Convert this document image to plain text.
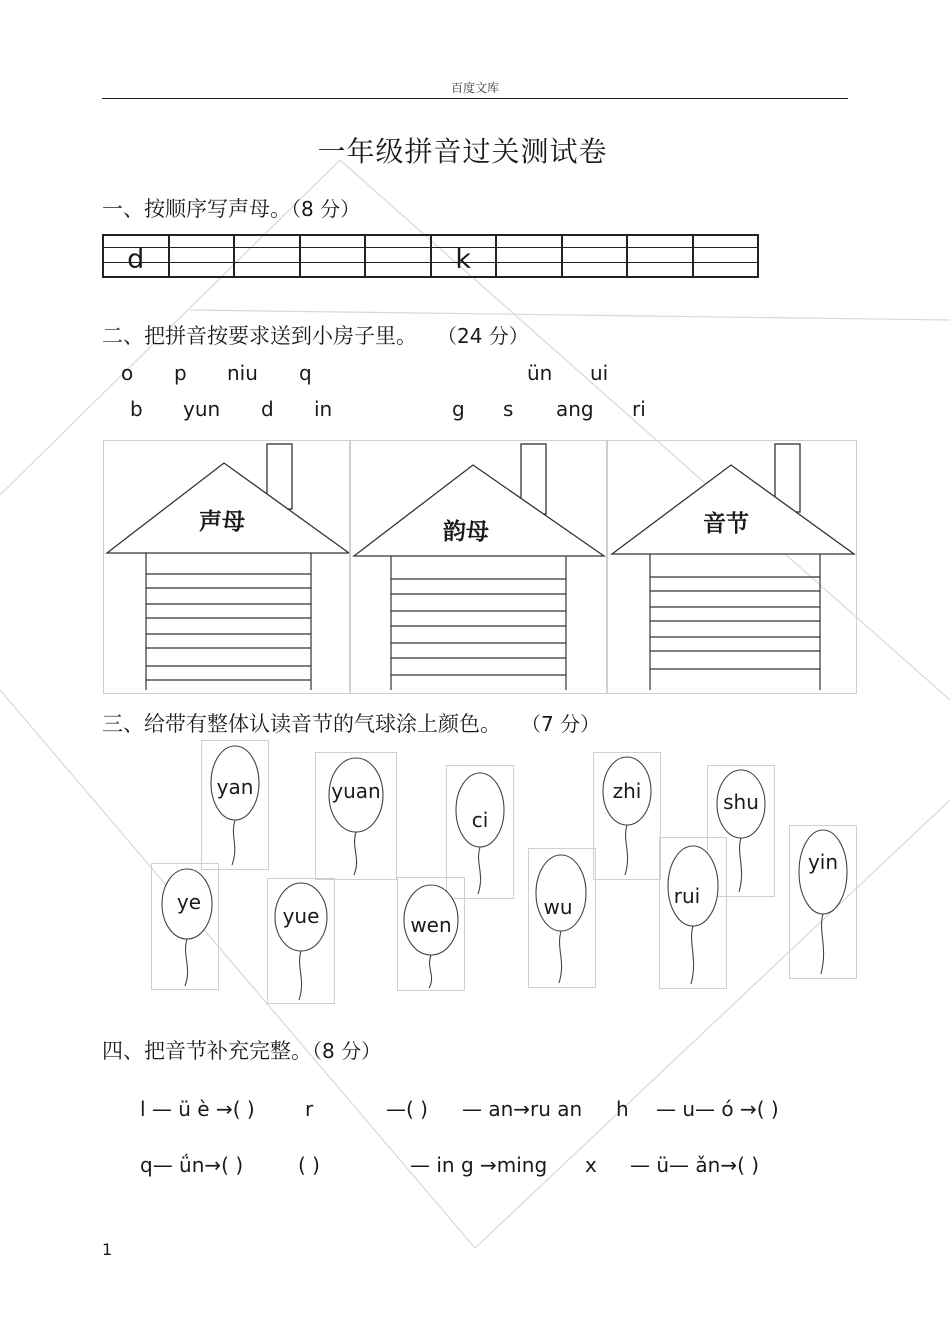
百度文库
一年级拼音过关测试卷
一、按顺序写声母。（8 分）
d	k
二、把拼音按要求送到小房子里。 （24 分）
o p niu q	ün ui
b yun d in	g s ang ri
声母	韵母	音节
三、给带有整体认读音节的气球涂上颜色。 （7 分）
yan	yuan
ci
zhi	shu
yin
ye
yue	wen
wu	rui
四、把音节补充完整。（8 分）
l — ü è →( )	r	—( ) — an→ru an h — u— ó →( )
q— ǘn→( )	( )	— in g →ming x — ü— ǎn→( )
1
